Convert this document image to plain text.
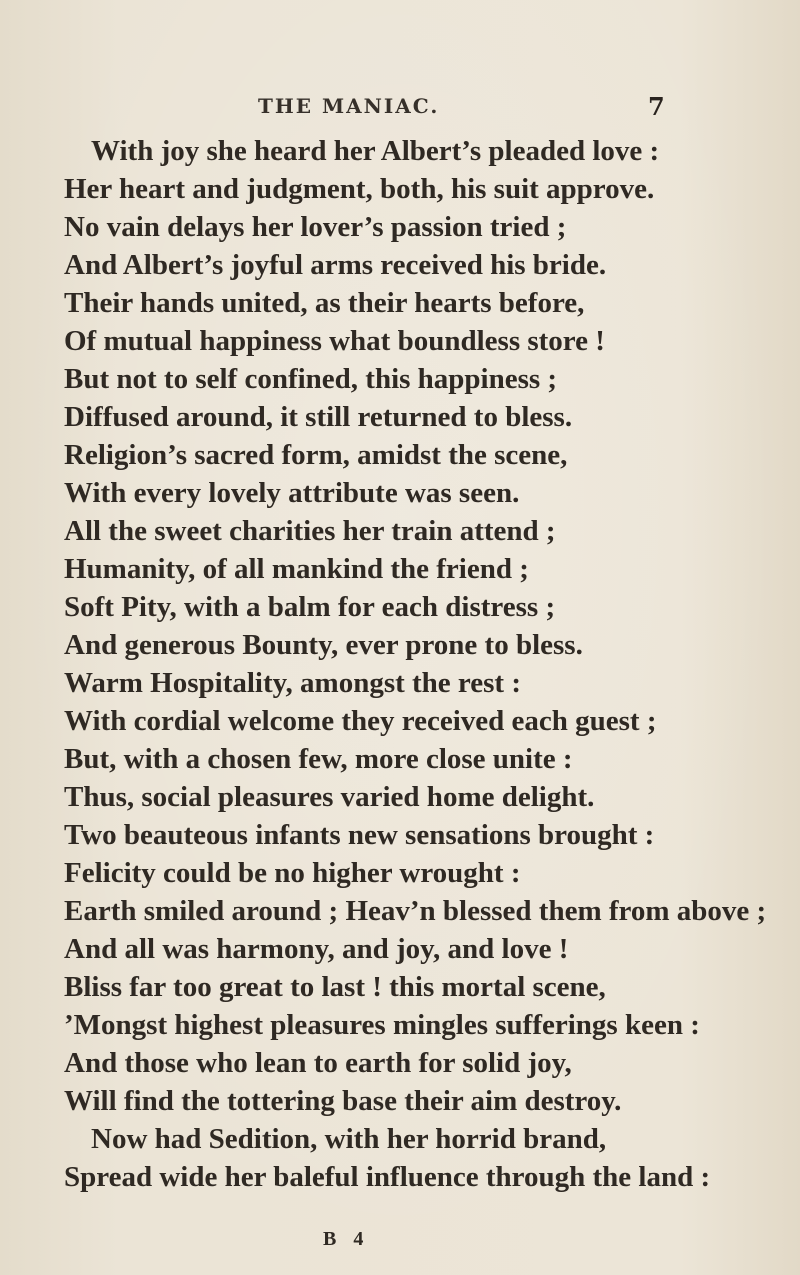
THE MANIAC.	7
With joy she heard her Albert’s pleaded love :
Her heart and judgment, both, his suit approve.
No vain delays her lover’s passion tried ;
And Albert’s joyful arms received his bride.
Their hands united, as their hearts before,
Of mutual happiness what boundless store !
But not to self confined, this happiness ;
Diffused around, it still returned to bless.
Religion’s sacred form, amidst the scene,
With every lovely attribute was seen.
All the sweet charities her train attend ;
Humanity, of all mankind the friend ;
Soft Pity, with a balm for each distress ;
And generous Bounty, ever prone to bless.
Warm Hospitality, amongst the rest :
With cordial welcome they received each guest ;
But, with a chosen few, more close unite :
Thus, social pleasures varied home delight.
Two beauteous infants new sensations brought :
Felicity could be no higher wrought :
Earth smiled around ; Heav’n blessed them from above ;
And all was harmony, and joy, and love !
Bliss far too great to last ! this mortal scene,
’Mongst highest pleasures mingles sufferings keen :
And those who lean to earth for solid joy,
Will find the tottering base their aim destroy.
Now had Sedition, with her horrid brand,
Spread wide her baleful influence through the land :
B 4
